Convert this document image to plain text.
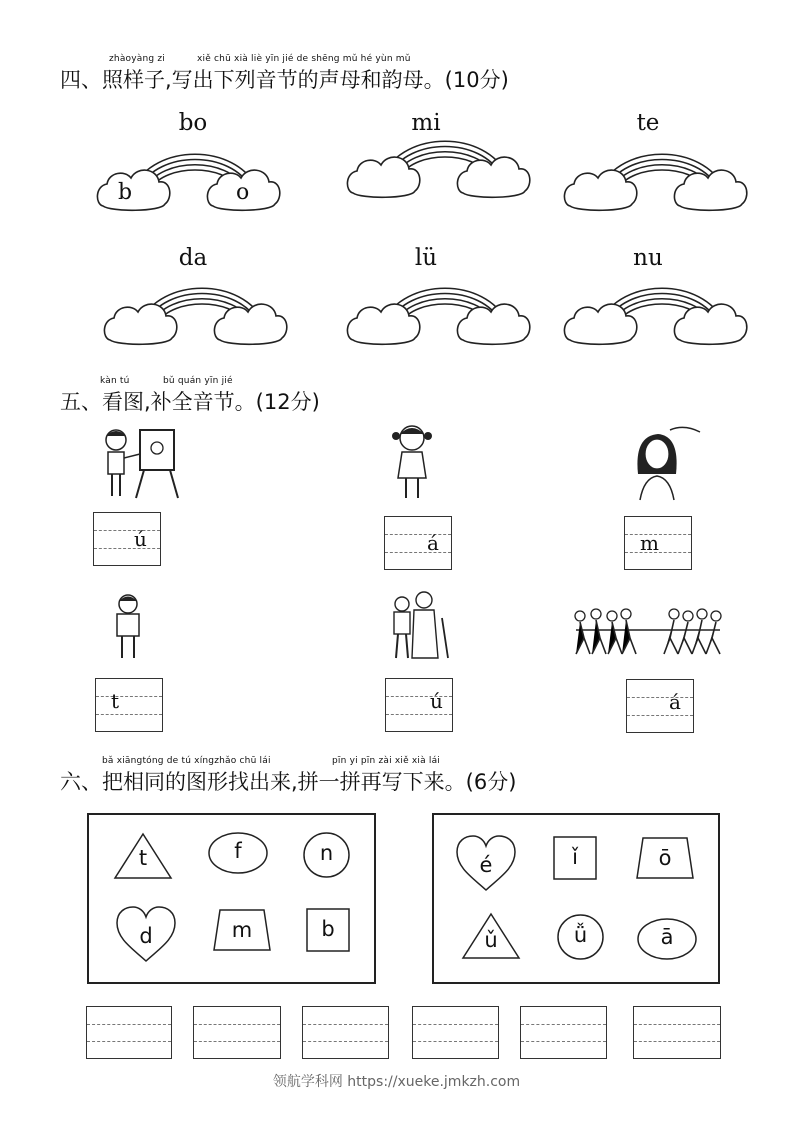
zhàoyàng zi	xiě chū xià liè yīn jié de shēng mǔ hé yùn mǔ
四、照样子,写出下列音节的声母和韵母。(10分)
bo	mi	te
da	lü	nu
b	o
kàn tú	bǔ quán yīn jié
五、看图,补全音节。(12分)
ú	á	m
t	ú	á
bǎ xiāngtóng de tú xíngzhǎo chū lái	pīn yi pīn zài xiě xià lái
六、把相同的图形找出来,拼一拼再写下来。(6分)
t	f	n
d	m	b
é	ǐ	ō
ǔ	ǚ	ā
领航学科网 https://xueke.jmkzh.com
